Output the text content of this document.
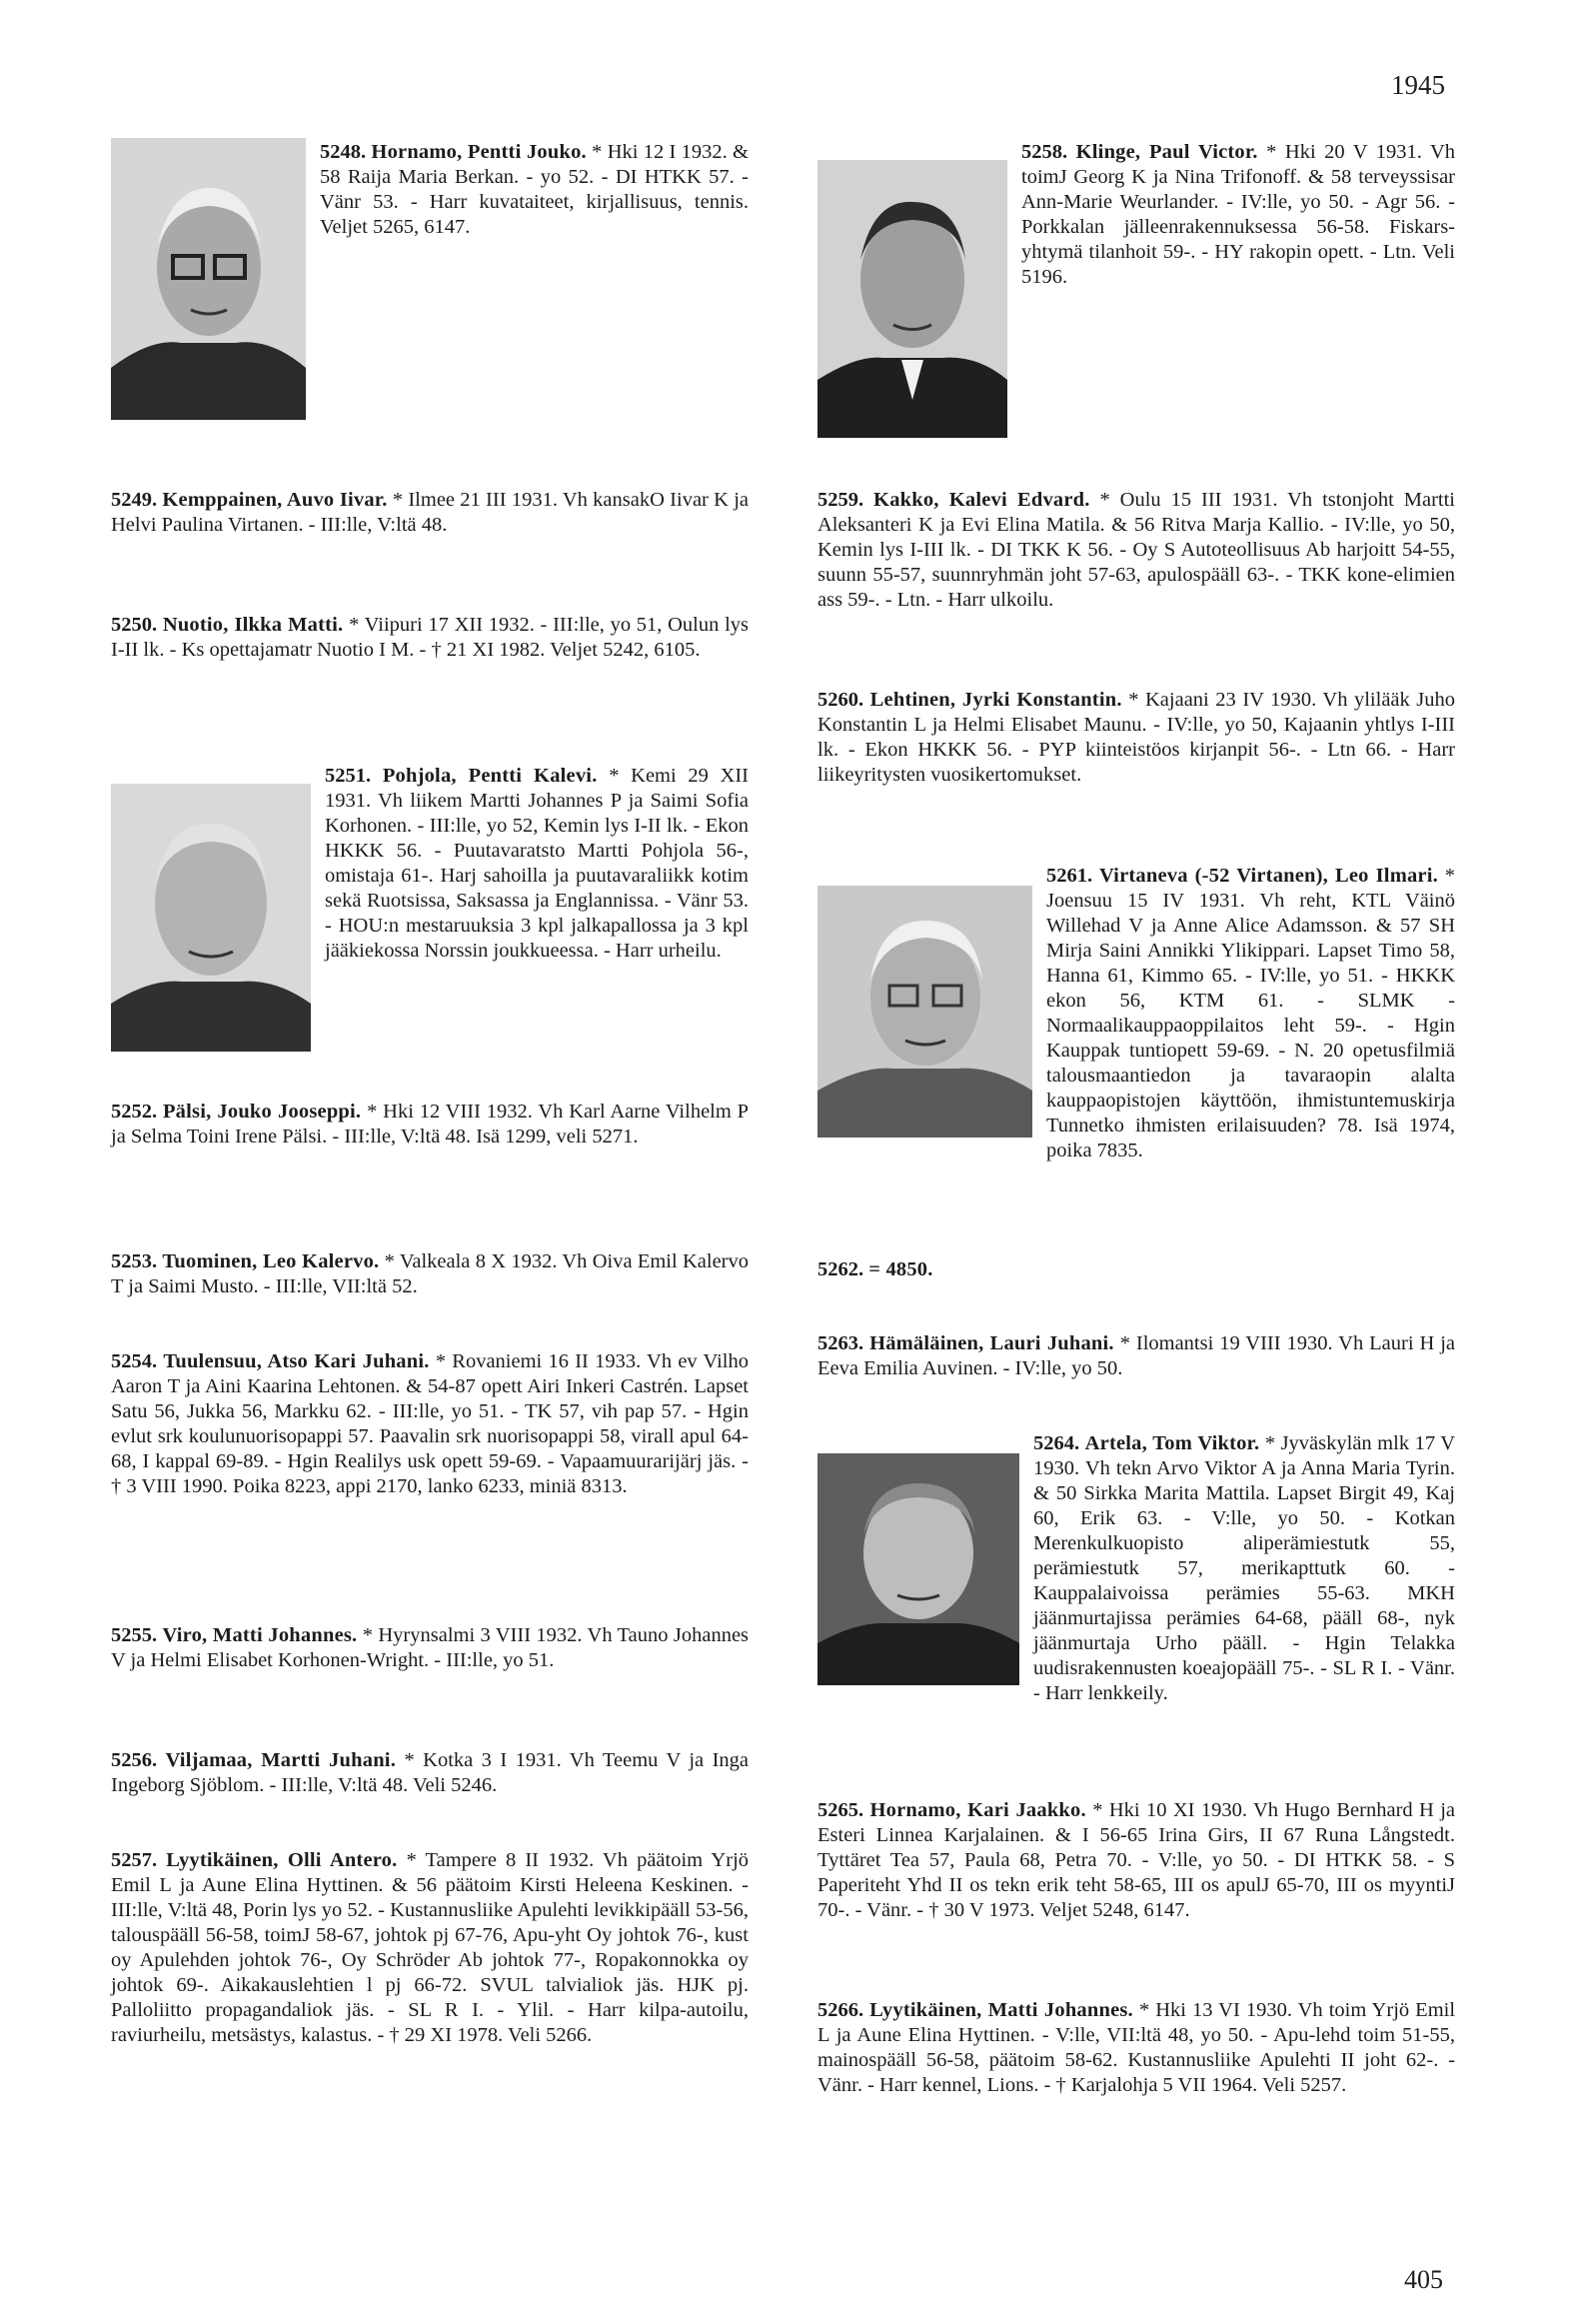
1945
5248. Hornamo, Pentti Jouko. * Hki 12 I 1932. & 58 Raija Maria Berkan. - yo 52. - DI HTKK 57. - Vänr 53. - Harr kuvataiteet, kirjallisuus, tennis. Veljet 5265, 6147.
5249. Kemppainen, Auvo Iivar. * Ilmee 21 III 1931. Vh kansakO Iivar K ja Helvi Paulina Virtanen. - III:lle, V:ltä 48.
5250. Nuotio, Ilkka Matti. * Viipuri 17 XII 1932. - III:lle, yo 51, Oulun lys I-II lk. - Ks opettajamatr Nuotio I M. - † 21 XI 1982. Veljet 5242, 6105.
5251. Pohjola, Pentti Kalevi. * Kemi 29 XII 1931. Vh liikem Martti Johannes P ja Saimi Sofia Korhonen. - III:lle, yo 52, Kemin lys I-II lk. - Ekon HKKK 56. - Puutavaratsto Martti Pohjola 56-, omistaja 61-. Harj sahoilla ja puutavaraliikk kotim sekä Ruotsissa, Saksassa ja Englannissa. - Vänr 53. - HOU:n mestaruuksia 3 kpl jalkapallossa ja 3 kpl jääkiekossa Norssin joukkueessa. - Harr urheilu.
5252. Pälsi, Jouko Jooseppi. * Hki 12 VIII 1932. Vh Karl Aarne Vilhelm P ja Selma Toini Irene Pälsi. - III:lle, V:ltä 48. Isä 1299, veli 5271.
5253. Tuominen, Leo Kalervo. * Valkeala 8 X 1932. Vh Oiva Emil Kalervo T ja Saimi Musto. - III:lle, VII:ltä 52.
5254. Tuulensuu, Atso Kari Juhani. * Rovaniemi 16 II 1933. Vh ev Vilho Aaron T ja Aini Kaarina Lehtonen. & 54-87 opett Airi Inkeri Castrén. Lapset Satu 56, Jukka 56, Markku 62. - III:lle, yo 51. - TK 57, vih pap 57. - Hgin evlut srk koulunuorisopappi 57. Paavalin srk nuorisopappi 58, virall apul 64-68, I kappal 69-89. - Hgin Realilys usk opett 59-69. - Vapaamuurarijärj jäs. - † 3 VIII 1990. Poika 8223, appi 2170, lanko 6233, miniä 8313.
5255. Viro, Matti Johannes. * Hyrynsalmi 3 VIII 1932. Vh Tauno Johannes V ja Helmi Elisabet Korhonen-Wright. - III:lle, yo 51.
5256. Viljamaa, Martti Juhani. * Kotka 3 I 1931. Vh Teemu V ja Inga Ingeborg Sjöblom. - III:lle, V:ltä 48. Veli 5246.
5257. Lyytikäinen, Olli Antero. * Tampere 8 II 1932. Vh päätoim Yrjö Emil L ja Aune Elina Hyttinen. & 56 päätoim Kirsti Heleena Keskinen. - III:lle, V:ltä 48, Porin lys yo 52. - Kustannusliike Apulehti levikkipääll 53-56, talouspääll 56-58, toimJ 58-67, johtok pj 67-76, Apu-yht Oy johtok 76-, kust oy Apulehden johtok 76-, Oy Schröder Ab johtok 77-, Ropakonnokka oy johtok 69-. Aikakauslehtien l pj 66-72. SVUL talvialiok jäs. HJK pj. Palloliitto propagandaliok jäs. - SL R I. - Ylil. - Harr kilpa-autoilu, raviurheilu, metsästys, kalastus. - † 29 XI 1978. Veli 5266.
5258. Klinge, Paul Victor. * Hki 20 V 1931. Vh toimJ Georg K ja Nina Trifonoff. & 58 terveyssisar Ann-Marie Weurlander. - IV:lle, yo 50. - Agr 56. - Porkkalan jälleenrakennuksessa 56-58. Fiskars-yhtymä tilanhoit 59-. - HY rakopin opett. - Ltn. Veli 5196.
5259. Kakko, Kalevi Edvard. * Oulu 15 III 1931. Vh tstonjoht Martti Aleksanteri K ja Evi Elina Matila. & 56 Ritva Marja Kallio. - IV:lle, yo 50, Kemin lys I-III lk. - DI TKK K 56. - Oy S Autoteollisuus Ab harjoitt 54-55, suunn 55-57, suunnryhmän joht 57-63, apulospääll 63-. - TKK kone-elimien ass 59-. - Ltn. - Harr ulkoilu.
5260. Lehtinen, Jyrki Konstantin. * Kajaani 23 IV 1930. Vh ylilääk Juho Konstantin L ja Helmi Elisabet Maunu. - IV:lle, yo 50, Kajaanin yhtlys I-III lk. - Ekon HKKK 56. - PYP kiinteistöos kirjanpit 56-. - Ltn 66. - Harr liikeyritysten vuosikertomukset.
5261. Virtaneva (-52 Virtanen), Leo Ilmari. * Joensuu 15 IV 1931. Vh reht, KTL Väinö Willehad V ja Anne Alice Adamsson. & 57 SH Mirja Saini Annikki Ylikippari. Lapset Timo 58, Hanna 61, Kimmo 65. - IV:lle, yo 51. - HKKK ekon 56, KTM 61. - SLMK - Normaalikauppaoppilaitos leht 59-. - Hgin Kauppak tuntiopett 59-69. - N. 20 opetusfilmiä talousmaantiedon ja tavaraopin alalta kauppaopistojen käyttöön, ihmistuntemuskirja Tunnetko ihmisten erilaisuuden? 78. Isä 1974, poika 7835.
5262. = 4850.
5263. Hämäläinen, Lauri Juhani. * Ilomantsi 19 VIII 1930. Vh Lauri H ja Eeva Emilia Auvinen. - IV:lle, yo 50.
5264. Artela, Tom Viktor. * Jyväskylän mlk 17 V 1930. Vh tekn Arvo Viktor A ja Anna Maria Tyrin. & 50 Sirkka Marita Mattila. Lapset Birgit 49, Kaj 60, Erik 63. - V:lle, yo 50. - Kotkan Merenkulkuopisto aliperämiestutk 55, perämiestutk 57, merikapttutk 60. - Kauppalaivoissa perämies 55-63. MKH jäänmurtajissa perämies 64-68, pääll 68-, nyk jäänmurtaja Urho pääll. - Hgin Telakka uudisrakennusten koeajopääll 75-. - SL R I. - Vänr. - Harr lenkkeily.
5265. Hornamo, Kari Jaakko. * Hki 10 XI 1930. Vh Hugo Bernhard H ja Esteri Linnea Karjalainen. & I 56-65 Irina Girs, II 67 Runa Långstedt. Tyttäret Tea 57, Paula 68, Petra 70. - V:lle, yo 50. - DI HTKK 58. - S Paperiteht Yhd II os tekn erik teht 58-65, III os apulJ 65-70, III os myyntiJ 70-. - Vänr. - † 30 V 1973. Veljet 5248, 6147.
5266. Lyytikäinen, Matti Johannes. * Hki 13 VI 1930. Vh toim Yrjö Emil L ja Aune Elina Hyttinen. - V:lle, VII:ltä 48, yo 50. - Apu-lehd toim 51-55, mainospääll 56-58, päätoim 58-62. Kustannusliike Apulehti II joht 62-. - Vänr. - Harr kennel, Lions. - † Karjalohja 5 VII 1964. Veli 5257.
405
